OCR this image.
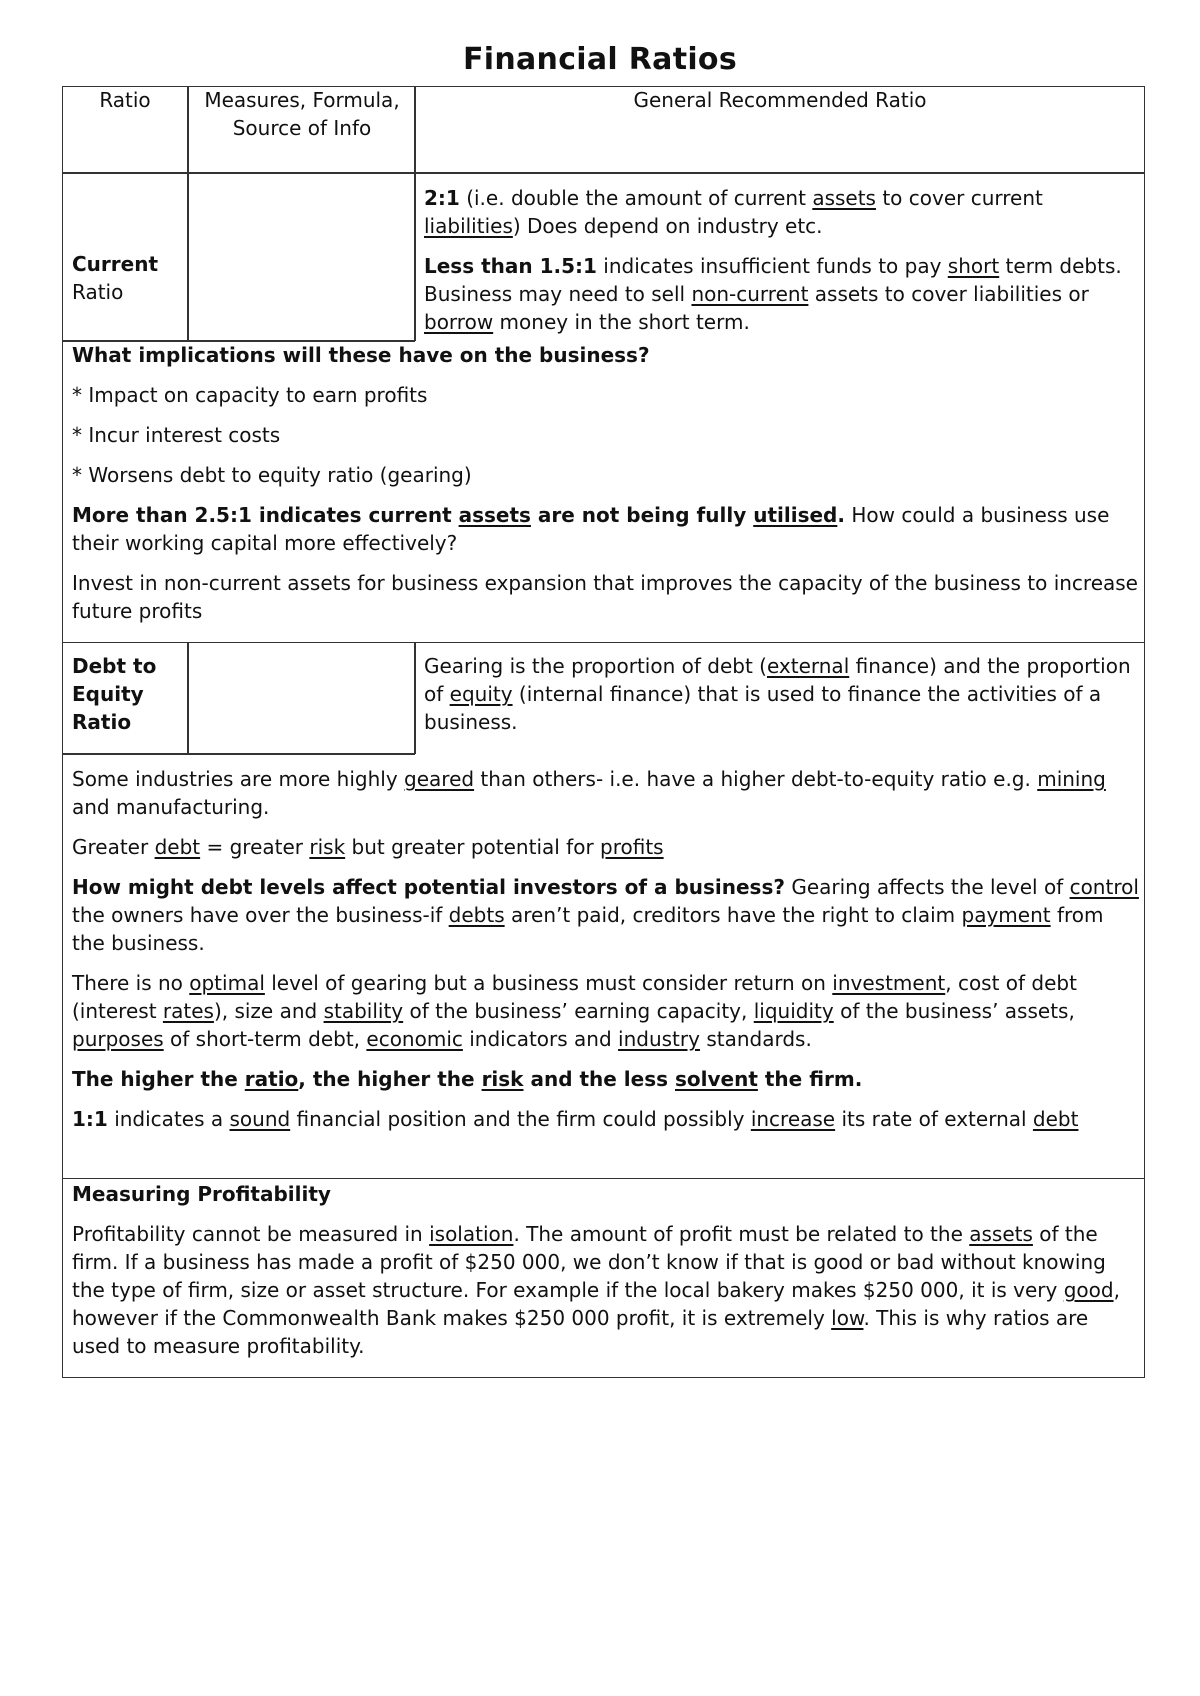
Financial Ratios
Ratio	Measures, Formula, Source of Info
General Recommended Ratio
Current
Ratio

2:1 (i.e. double the amount of current assets to cover current liabilities) Does depend on industry etc.

Less than 1.5:1 indicates insufficient funds to pay short term debts. Business may need to sell non-current assets to cover liabilities or borrow money in the short term.

What implications will these have on the business?

* Impact on capacity to earn profits

* Incur interest costs

* Worsens debt to equity ratio (gearing)

More than 2.5:1 indicates current assets are not being fully utilised. How could a business use their working capital more effectively?

Invest in non-current assets for business expansion that improves the capacity of the business to increase future profits

Debt to Equity Ratio
Gearing is the proportion of debt (external finance) and the proportion of equity (internal finance) that is used to finance the activities of a business.

Some industries are more highly geared than others- i.e. have a higher debt-to-equity ratio e.g. mining and manufacturing.

Greater debt = greater risk but greater potential for profits

How might debt levels affect potential investors of a business? Gearing affects the level of control the owners have over the business-if debts aren’t paid, creditors have the right to claim payment from the business.

There is no optimal level of gearing but a business must consider return on investment, cost of debt (interest rates), size and stability of the business’ earning capacity, liquidity of the business’ assets, purposes of short-term debt, economic indicators and industry standards.

The higher the ratio, the higher the risk and the less solvent the firm.

1:1 indicates a sound financial position and the firm could possibly increase its rate of external debt

Measuring Profitability

Profitability cannot be measured in isolation. The amount of profit must be related to the assets of the firm. If a business has made a profit of $250 000, we don’t know if that is good or bad without knowing the type of firm, size or asset structure. For example if the local bakery makes $250 000, it is very good, however if the Commonwealth Bank makes $250 000 profit, it is extremely low. This is why ratios are used to measure profitability.
